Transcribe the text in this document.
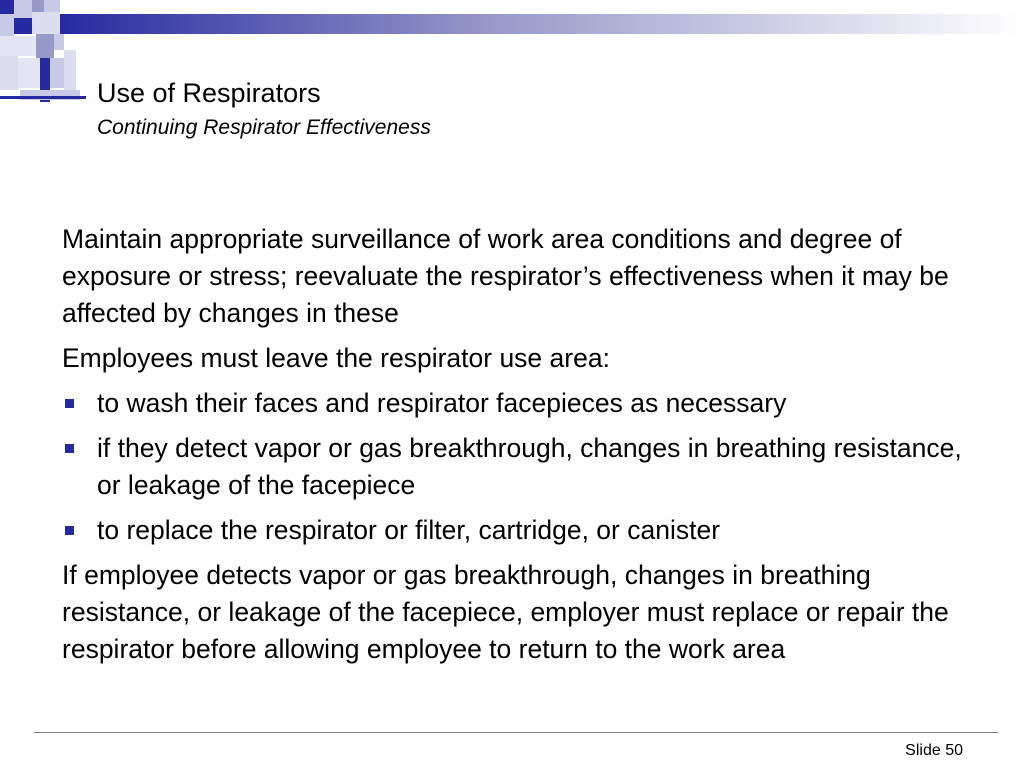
Use of Respirators
Continuing Respirator Effectiveness

Maintain appropriate surveillance of work area conditions and degree of exposure or stress; reevaluate the respirator’s effectiveness when it may be affected by changes in these

Employees must leave the respirator use area:

to wash their faces and respirator facepieces as necessary
if they detect vapor or gas breakthrough, changes in breathing resistance, or leakage of the facepiece
to replace the respirator or filter, cartridge, or canister

If employee detects vapor or gas breakthrough, changes in breathing resistance, or leakage of the facepiece, employer must replace or repair the respirator before allowing employee to return to the work area

Slide 50
